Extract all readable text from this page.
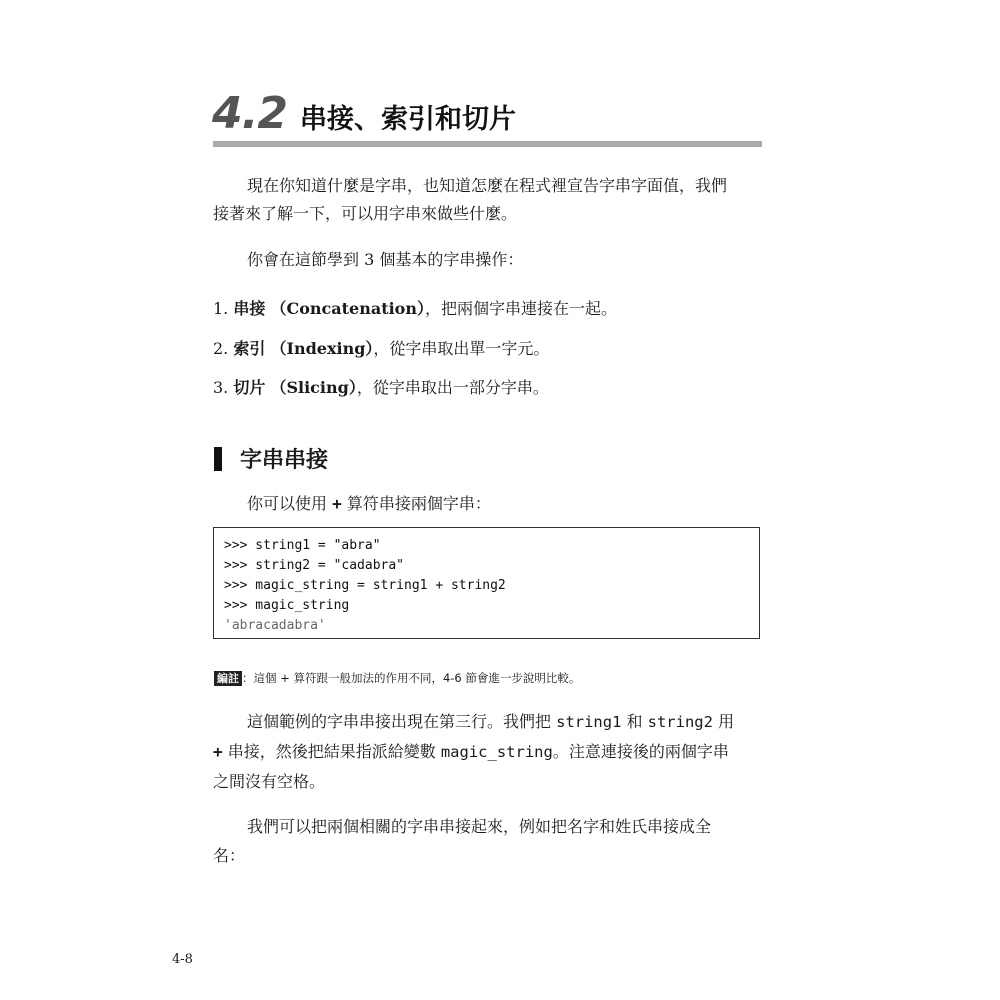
4.2 串接、索引和切片
現在你知道什麼是字串，也知道怎麼在程式裡宣告字串字面值，我們
接著來了解一下，可以用字串來做些什麼。
你會在這節學到 3 個基本的字串操作：
1. 串接 （Concatenation），把兩個字串連接在一起。
2. 索引 （Indexing），從字串取出單一字元。
3. 切片 （Slicing），從字串取出一部分字串。
字串串接
你可以使用 + 算符串接兩個字串：
>>> string1 = "abra"
>>> string2 = "cadabra"
>>> magic_string = string1 + string2
>>> magic_string
'abracadabra'
編註 ：這個 + 算符跟一般加法的作用不同，4-6 節會進一步說明比較。
這個範例的字串串接出現在第三行。我們把 string1 和 string2 用
+ 串接，然後把結果指派給變數 magic_string。注意連接後的兩個字串
之間沒有空格。
我們可以把兩個相關的字串串接起來，例如把名字和姓氏串接成全
名：
4-8
